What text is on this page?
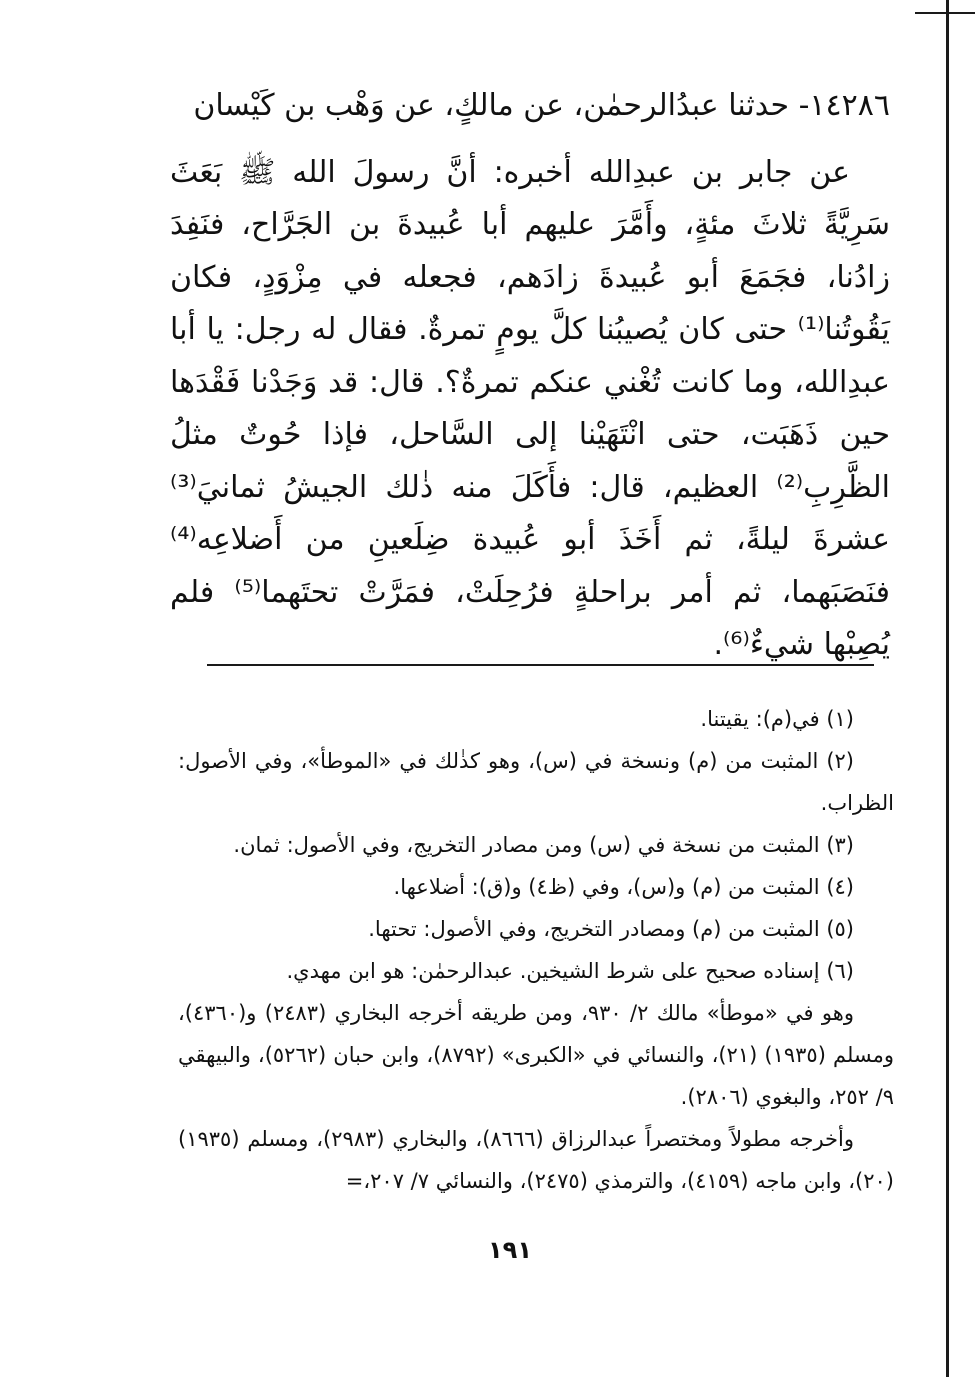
١٤٢٨٦- حدثنا عبدُالرحمٰن، عن مالكٍ، عن وَهْب بن كَيْسان

عن جابر بن عبدِالله أخبره: أنَّ رسولَ الله ﷺ بَعَثَ سَرِيَّةً ثلاثَ مئةٍ، وأَمَّرَ عليهم أبا عُبيدةَ بن الجَرَّاح، فنَفِدَ زادُنا، فجَمَعَ أبو عُبيدةَ زادَهم، فجعله في مِزْوَدٍ، فكان يَقُوتُنا⁽¹⁾ حتى كان يُصيبُنا كلَّ يومٍ تمرةٌ. فقال له رجل: يا أبا عبدِالله، وما كانت تُغْني عنكم تمرةٌ؟. قال: قد وَجَدْنا فَقْدَها حين ذَهَبَت، حتى انْتَهَيْنا إلى السَّاحل، فإذا حُوتٌ مثلُ الظَّرِبِ⁽²⁾ العظيم، قال: فأَكَلَ منه ذٰلك الجيشُ ثمانيَ⁽³⁾ عشرةَ ليلةً، ثم أَخَذَ أبو عُبيدة ضِلَعينِ من أَضلاعِه⁽⁴⁾ فنَصَبَهما، ثم أمر براحلةٍ فرُحِلَتْ، فمَرَّتْ تحتَهما⁽⁵⁾ فلم يُصِبْها شيءٌ⁽⁶⁾.

(١) في(م): يقيتنا.

(٢) المثبت من (م) ونسخة في (س)، وهو كذٰلك في «الموطأ»، وفي الأصول: الظراب.

(٣) المثبت من نسخة في (س) ومن مصادر التخريج، وفي الأصول: ثمان.

(٤) المثبت من (م) و(س)، وفي (ظ٤) و(ق): أضلاعها.

(٥) المثبت من (م) ومصادر التخريج، وفي الأصول: تحتها.

(٦) إسناده صحيح على شرط الشيخين. عبدالرحمٰن: هو ابن مهدي.

وهو في «موطأ» مالك ٢/ ٩٣٠، ومن طريقه أخرجه البخاري (٢٤٨٣) و(٤٣٦٠)، ومسلم (١٩٣٥) (٢١)، والنسائي في «الكبرى» (٨٧٩٢)، وابن حبان (٥٢٦٢)، والبيهقي ٩/ ٢٥٢، والبغوي (٢٨٠٦).

وأخرجه مطولاً ومختصراً عبدالرزاق (٨٦٦٦)، والبخاري (٢٩٨٣)، ومسلم (١٩٣٥) (٢٠)، وابن ماجه (٤١٥٩)، والترمذي (٢٤٧٥)، والنسائي ٧/ ٢٠٧،=

١٩١
